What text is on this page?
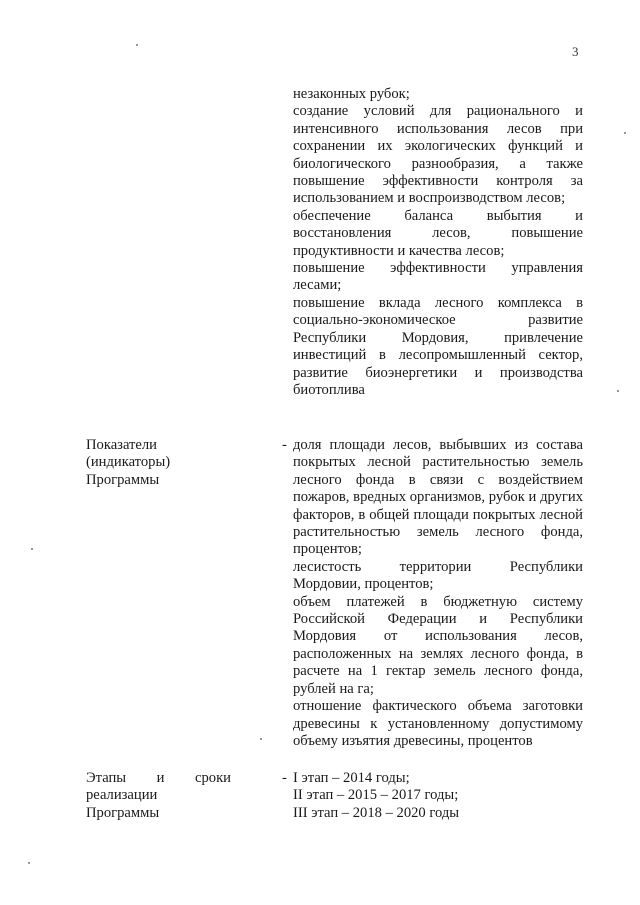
3

незаконных рубок;

создание условий для рационального и интенсивного использования лесов при сохранении их экологических функций и биологического разнообразия, а также повышение эффективности контроля за использованием и воспроизводством лесов;

обеспечение баланса выбытия и восстановления лесов, повышение продуктивности и качества лесов;

повышение эффективности управления лесами;

повышение вклада лесного комплекса в социально-экономическое развитие Республики Мордовия, привлечение инвестиций в лесопромышленный сектор, развитие биоэнергетики и производства биотоплива

Показатели
(индикаторы)
Программы
- доля площади лесов, выбывших из состава покрытых лесной растительностью земель лесного фонда в связи с воздействием пожаров, вредных организмов, рубок и других факторов, в общей площади покрытых лесной растительностью земель лесного фонда, процентов;

лесистость территории Республики Мордовии, процентов;

объем платежей в бюджетную систему Российской Федерации и Республики Мордовия от использования лесов, расположенных на землях лесного фонда, в расчете на 1 гектар земель лесного фонда, рублей на га;

отношение фактического объема заготовки древесины к установленному допустимому объему изъятия древесины, процентов

Этапы и сроки
реализации
Программы
- I этап – 2014 годы;
II этап – 2015 – 2017 годы;
III этап – 2018 – 2020 годы
